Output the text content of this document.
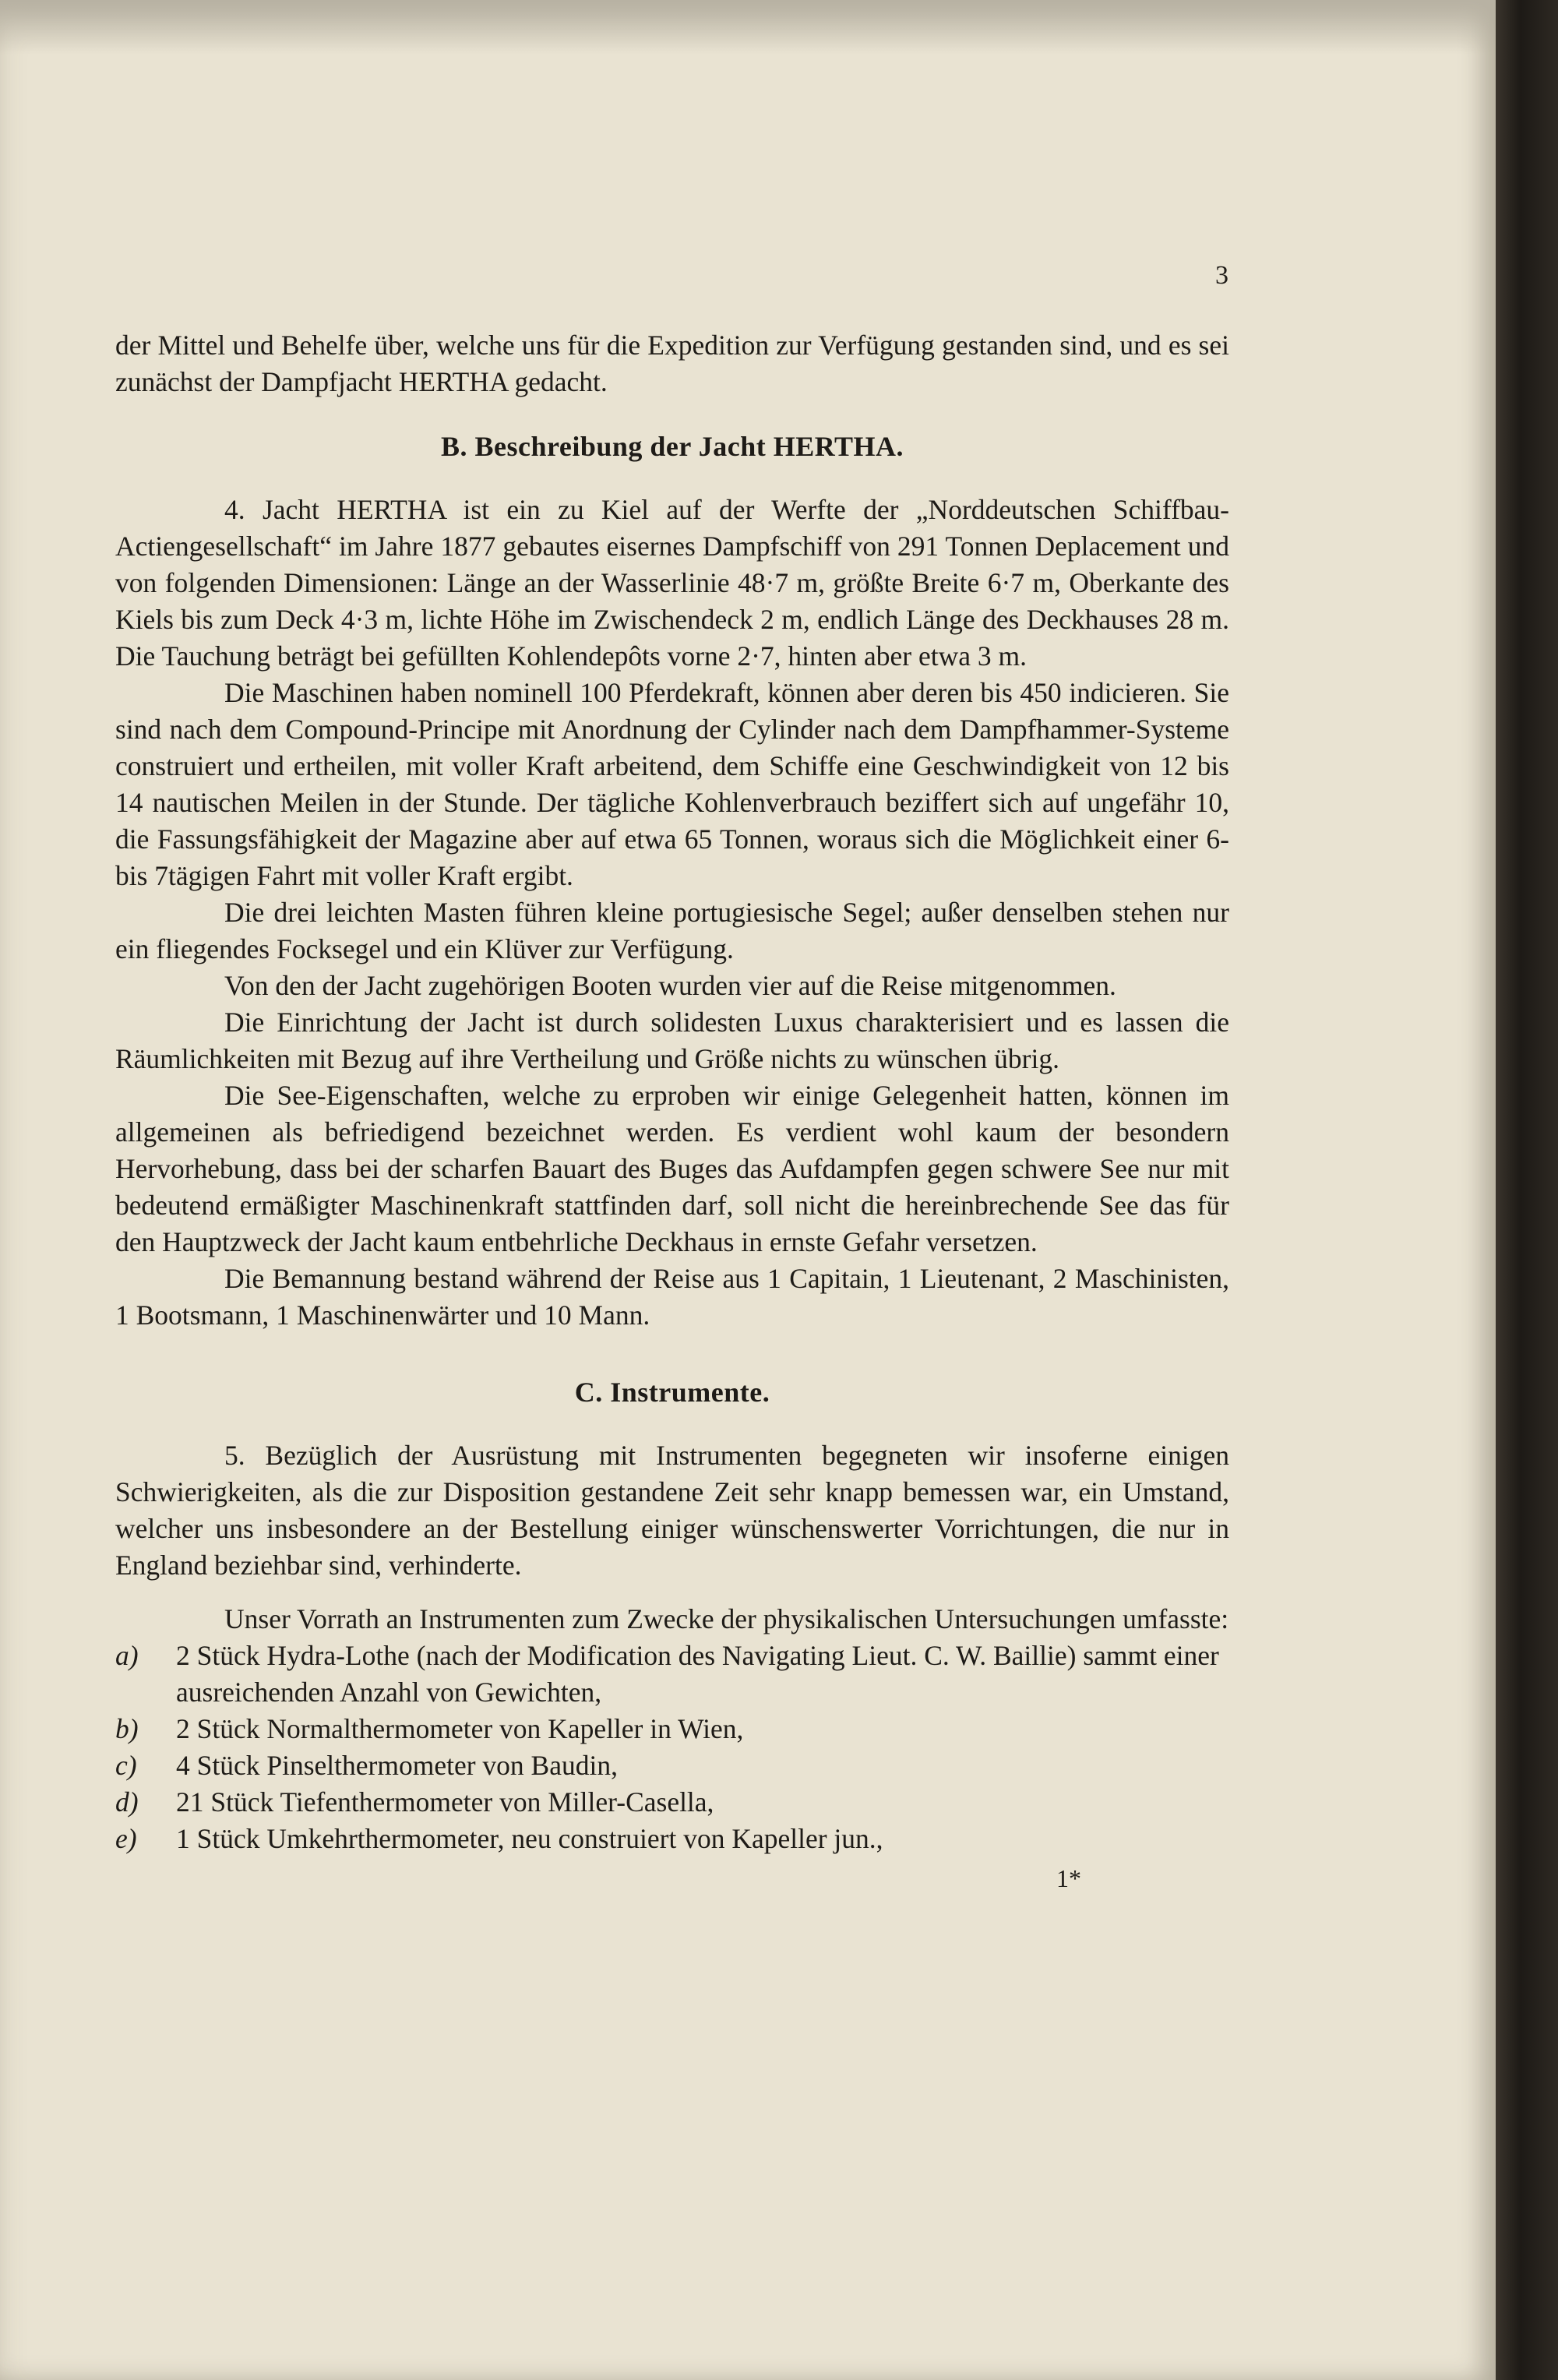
3

der Mittel und Behelfe über, welche uns für die Expedition zur Verfügung gestanden sind, und es sei zunächst der Dampfjacht HERTHA gedacht.

B. Beschreibung der Jacht HERTHA.

4. Jacht HERTHA ist ein zu Kiel auf der Werfte der „Norddeutschen Schiffbau-Actiengesellschaft“ im Jahre 1877 gebautes eisernes Dampfschiff von 291 Tonnen Deplacement und von folgenden Dimensionen: Länge an der Wasserlinie 48·7 m, größte Breite 6·7 m, Oberkante des Kiels bis zum Deck 4·3 m, lichte Höhe im Zwischendeck 2 m, endlich Länge des Deckhauses 28 m. Die Tauchung beträgt bei gefüllten Kohlendepôts vorne 2·7, hinten aber etwa 3 m.

Die Maschinen haben nominell 100 Pferdekraft, können aber deren bis 450 indicieren. Sie sind nach dem Compound-Principe mit Anordnung der Cylinder nach dem Dampfhammer-Systeme construiert und ertheilen, mit voller Kraft arbeitend, dem Schiffe eine Geschwindigkeit von 12 bis 14 nautischen Meilen in der Stunde. Der tägliche Kohlenverbrauch beziffert sich auf ungefähr 10, die Fassungsfähigkeit der Magazine aber auf etwa 65 Tonnen, woraus sich die Möglichkeit einer 6- bis 7tägigen Fahrt mit voller Kraft ergibt.

Die drei leichten Masten führen kleine portugiesische Segel; außer denselben stehen nur ein fliegendes Focksegel und ein Klüver zur Verfügung.

Von den der Jacht zugehörigen Booten wurden vier auf die Reise mitgenommen.

Die Einrichtung der Jacht ist durch solidesten Luxus charakterisiert und es lassen die Räumlichkeiten mit Bezug auf ihre Vertheilung und Größe nichts zu wünschen übrig.

Die See-Eigenschaften, welche zu erproben wir einige Gelegenheit hatten, können im allgemeinen als befriedigend bezeichnet werden. Es verdient wohl kaum der besondern Hervorhebung, dass bei der scharfen Bauart des Buges das Aufdampfen gegen schwere See nur mit bedeutend ermäßigter Maschinenkraft stattfinden darf, soll nicht die hereinbrechende See das für den Hauptzweck der Jacht kaum entbehrliche Deckhaus in ernste Gefahr versetzen.

Die Bemannung bestand während der Reise aus 1 Capitain, 1 Lieutenant, 2 Maschinisten, 1 Bootsmann, 1 Maschinenwärter und 10 Mann.

C. Instrumente.

5. Bezüglich der Ausrüstung mit Instrumenten begegneten wir insoferne einigen Schwierigkeiten, als die zur Disposition gestandene Zeit sehr knapp bemessen war, ein Umstand, welcher uns insbesondere an der Bestellung einiger wünschenswerter Vorrichtungen, die nur in England beziehbar sind, verhinderte.

Unser Vorrath an Instrumenten zum Zwecke der physikalischen Untersuchungen umfasste:

a)	2 Stück Hydra-Lothe (nach der Modification des Navigating Lieut. C. W. Baillie) sammt einer ausreichenden Anzahl von Gewichten,
b)	2 Stück Normalthermometer von Kapeller in Wien,
c)	4 Stück Pinselthermometer von Baudin,
d)	21 Stück Tiefenthermometer von Miller-Casella,
e)	1 Stück Umkehrthermometer, neu construiert von Kapeller jun.,
1*
